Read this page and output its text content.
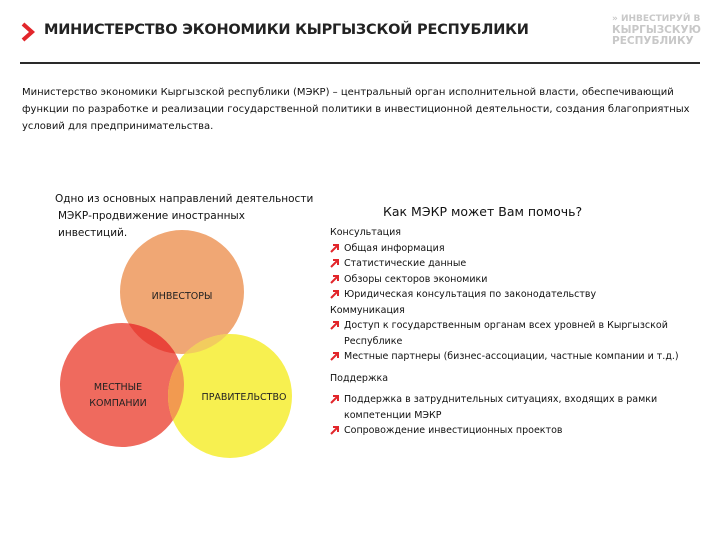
МИНИСТЕРСТВО ЭКОНОМИКИ КЫРГЫЗСКОЙ РЕСПУБЛИКИ
» ИНВЕСТИРУЙ В
КЫРГЫЗСКУЮ
РЕСПУБЛИКУ
Министерство экономики Кыргызской республики (МЭКР) – центральный орган исполнительной власти, обеспечивающий функции по разработке и реализации государственной политики в инвестиционной деятельности, создания благоприятных условий для предпринимательства.
Одно из основных направлений деятельности
МЭКР-продвижение иностранных инвестиций.
ИНВЕСТОРЫ
МЕСТНЫЕ
КОМПАНИИ
ПРАВИТЕЛЬСТВО
Как МЭКР может Вам помочь?
Консультация
Общая информация
Статистические данные
Обзоры секторов экономики
Юридическая консультация по законодательству
Коммуникация
Доступ к государственным органам всех уровней в Кыргызской Республике
Местные партнеры (бизнес-ассоциации, частные компании и т.д.)
Поддержка
Поддержка в затруднительных ситуациях, входящих в рамки компетенции МЭКР
Сопровождение инвестиционных проектов
